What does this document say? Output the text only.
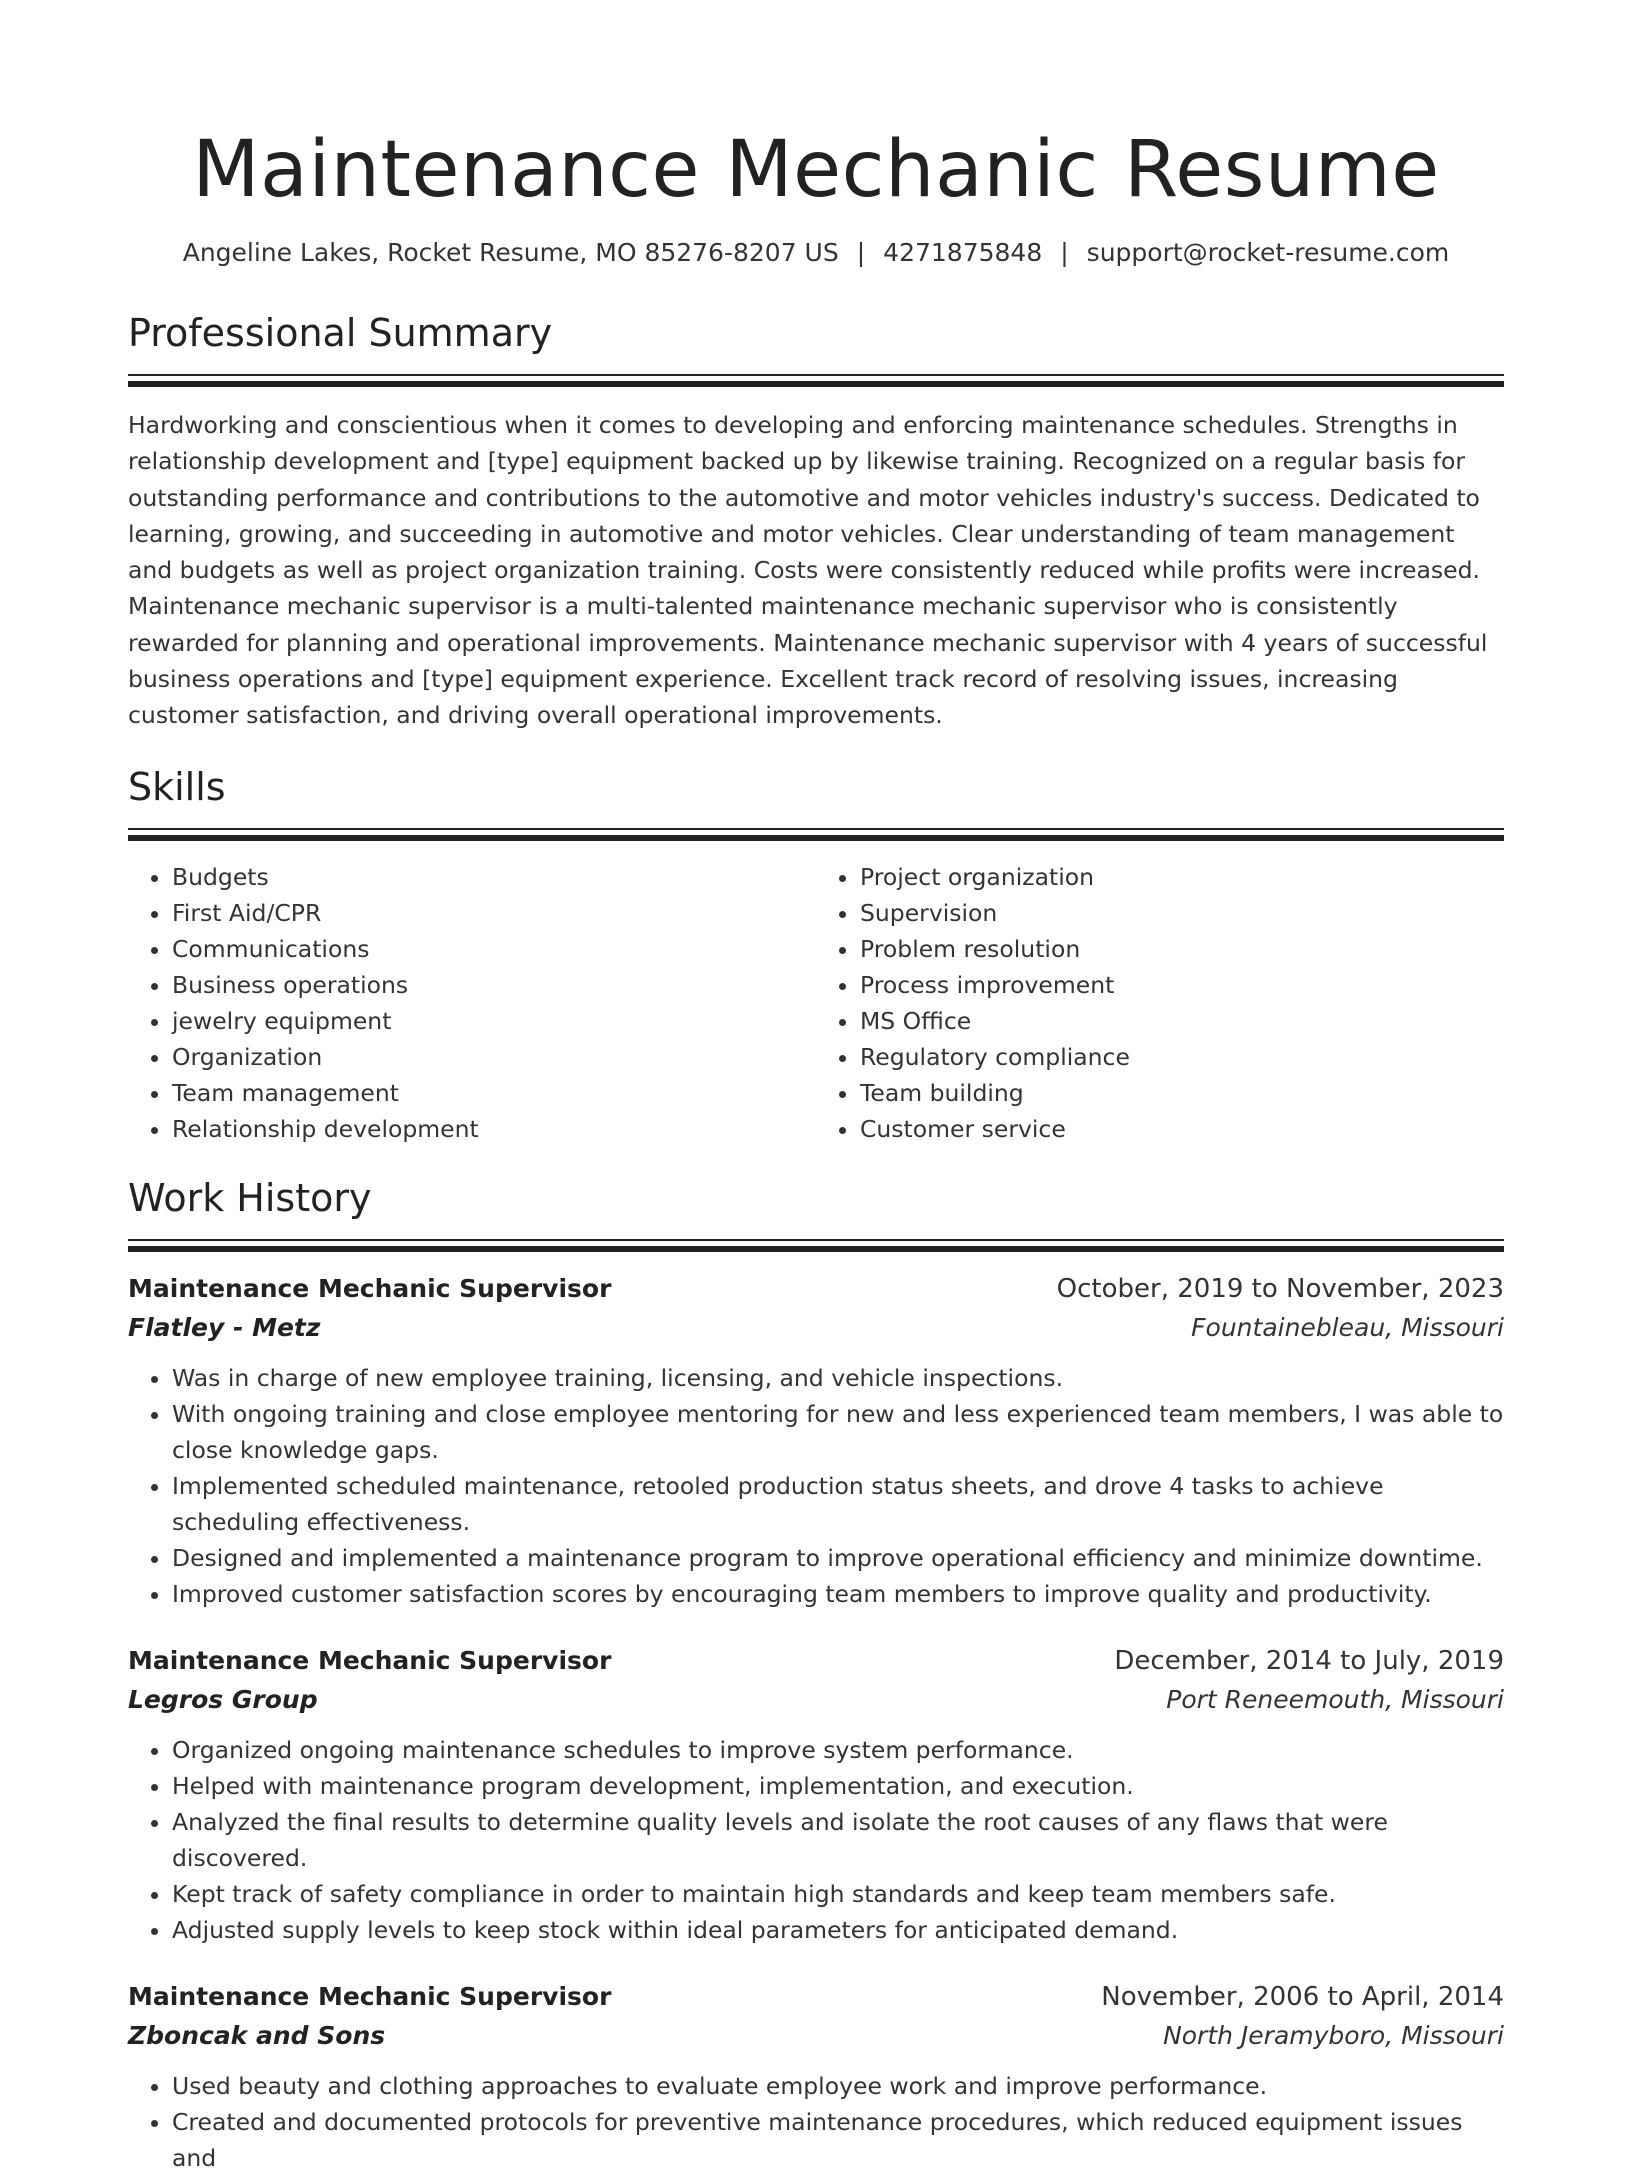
Maintenance Mechanic Resume
Angeline Lakes, Rocket Resume, MO 85276-8207 US | 4271875848 | support@rocket-resume.com
Professional Summary

Hardworking and conscientious when it comes to developing and enforcing maintenance schedules. Strengths in relationship development and [type] equipment backed up by likewise training. Recognized on a regular basis for outstanding performance and contributions to the automotive and motor vehicles industry's success. Dedicated to learning, growing, and succeeding in automotive and motor vehicles. Clear understanding of team management and budgets as well as project organization training. Costs were consistently reduced while profits were increased. Maintenance mechanic supervisor is a multi-talented maintenance mechanic supervisor who is consistently rewarded for planning and operational improvements. Maintenance mechanic supervisor with 4 years of successful business operations and [type] equipment experience. Excellent track record of resolving issues, increasing customer satisfaction, and driving overall operational improvements.

Skills
• Budgets
• First Aid/CPR
• Communications
• Business operations
• jewelry equipment
• Organization
• Team management
• Relationship development
• Project organization
• Supervision
• Problem resolution
• Process improvement
• MS Office
• Regulatory compliance
• Team building
• Customer service
Work History
Maintenance Mechanic Supervisor	October, 2019 to November, 2023
Flatley - Metz	Fountainebleau, Missouri
• Was in charge of new employee training, licensing, and vehicle inspections.
• With ongoing training and close employee mentoring for new and less experienced team members, I was able to close knowledge gaps.
• Implemented scheduled maintenance, retooled production status sheets, and drove 4 tasks to achieve scheduling effectiveness.
• Designed and implemented a maintenance program to improve operational efficiency and minimize downtime.
• Improved customer satisfaction scores by encouraging team members to improve quality and productivity.
Maintenance Mechanic Supervisor	December, 2014 to July, 2019
Legros Group	Port Reneemouth, Missouri
• Organized ongoing maintenance schedules to improve system performance.
• Helped with maintenance program development, implementation, and execution.
• Analyzed the final results to determine quality levels and isolate the root causes of any flaws that were discovered.
• Kept track of safety compliance in order to maintain high standards and keep team members safe.
• Adjusted supply levels to keep stock within ideal parameters for anticipated demand.
Maintenance Mechanic Supervisor	November, 2006 to April, 2014
Zboncak and Sons	North Jeramyboro, Missouri
• Used beauty and clothing approaches to evaluate employee work and improve performance.
• Created and documented protocols for preventive maintenance procedures, which reduced equipment issues and
